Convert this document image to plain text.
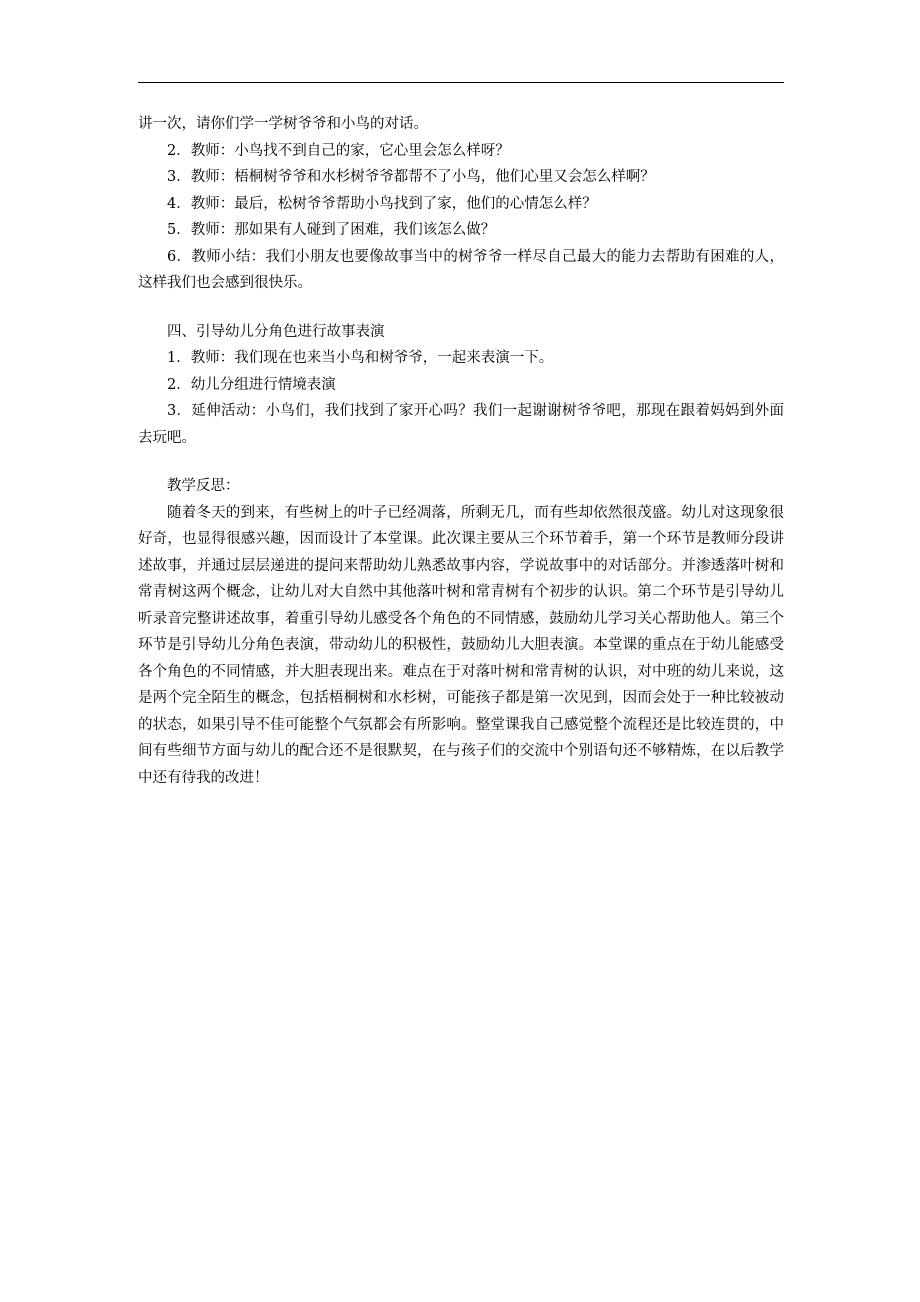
讲一次，请你们学一学树爷爷和小鸟的对话。

2．教师：小鸟找不到自己的家，它心里会怎么样呀？

3．教师：梧桐树爷爷和水杉树爷爷都帮不了小鸟，他们心里又会怎么样啊？

4．教师：最后，松树爷爷帮助小鸟找到了家，他们的心情怎么样？

5．教师：那如果有人碰到了困难，我们该怎么做？

6．教师小结：我们小朋友也要像故事当中的树爷爷一样尽自己最大的能力去帮助有困难的人，这样我们也会感到很快乐。

四、引导幼儿分角色进行故事表演

1．教师：我们现在也来当小鸟和树爷爷，一起来表演一下。

2．幼儿分组进行情境表演

3．延伸活动：小鸟们，我们找到了家开心吗？我们一起谢谢树爷爷吧，那现在跟着妈妈到外面去玩吧。

教学反思：

随着冬天的到来，有些树上的叶子已经凋落，所剩无几，而有些却依然很茂盛。幼儿对这现象很好奇，也显得很感兴趣，因而设计了本堂课。此次课主要从三个环节着手，第一个环节是教师分段讲述故事，并通过层层递进的提问来帮助幼儿熟悉故事内容，学说故事中的对话部分。并渗透落叶树和常青树这两个概念，让幼儿对大自然中其他落叶树和常青树有个初步的认识。第二个环节是引导幼儿听录音完整讲述故事，着重引导幼儿感受各个角色的不同情感，鼓励幼儿学习关心帮助他人。第三个环节是引导幼儿分角色表演，带动幼儿的积极性，鼓励幼儿大胆表演。本堂课的重点在于幼儿能感受各个角色的不同情感，并大胆表现出来。难点在于对落叶树和常青树的认识，对中班的幼儿来说，这是两个完全陌生的概念，包括梧桐树和水杉树，可能孩子都是第一次见到，因而会处于一种比较被动的状态，如果引导不佳可能整个气氛都会有所影响。整堂课我自己感觉整个流程还是比较连贯的，中间有些细节方面与幼儿的配合还不是很默契，在与孩子们的交流中个别语句还不够精炼，在以后教学中还有待我的改进！
